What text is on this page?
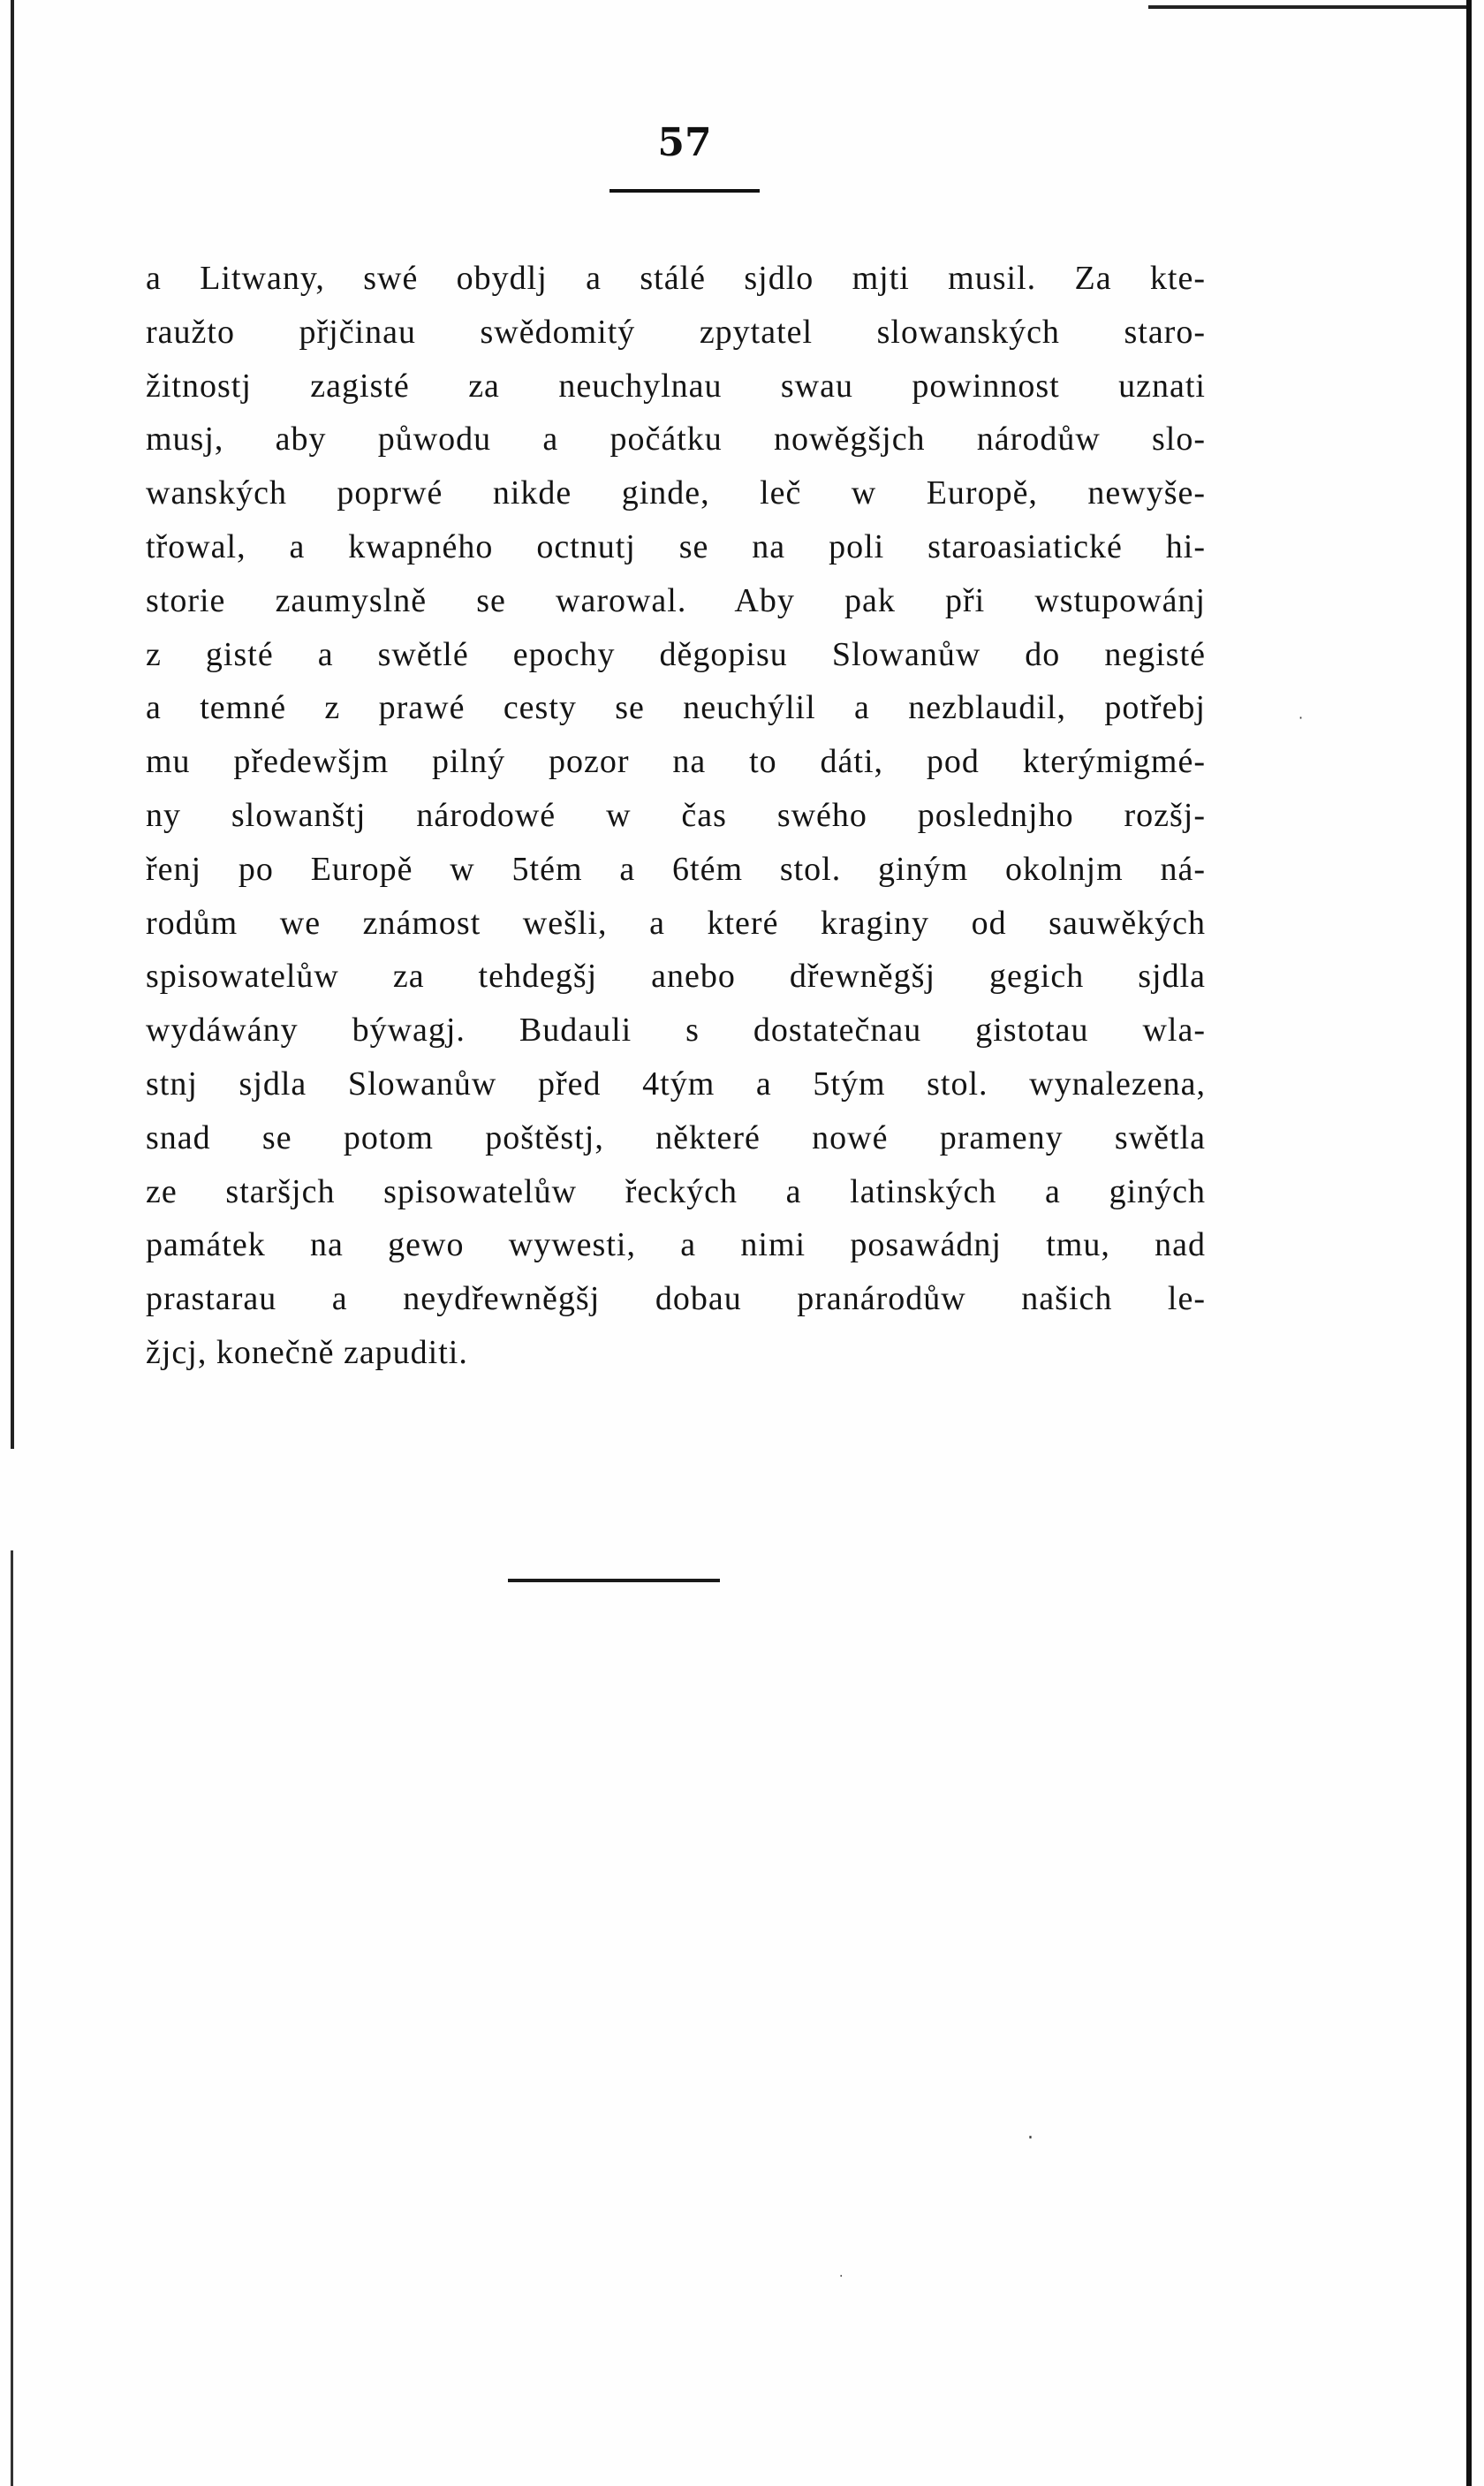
57
a Litwany, swé obydlj a stálé sjdlo mjti musil. Za kte-
raužto přjčinau swědomitý zpytatel slowanských staro-
žitnostj zagisté za neuchylnau swau powinnost uznati
musj, aby půwodu a počátku nowěgšjch národůw slo-
wanských poprwé nikde ginde, leč w Europě, newyše-
třowal, a kwapného octnutj se na poli staroasiatické hi-
storie zaumyslně se warowal. Aby pak při wstupowánj
z gisté a swětlé epochy děgopisu Slowanůw do negisté
a temné z prawé cesty se neuchýlil a nezblaudil, potřebj
mu předewšjm pilný pozor na to dáti, pod kterýmigmé-
ny slowanštj národowé w čas swého poslednjho rozšj-
řenj po Europě w 5tém a 6tém stol. giným okolnjm ná-
rodům we známost wešli, a které kraginy od sauwěkých
spisowatelůw za tehdegšj anebo dřewněgšj gegich sjdla
wydáwány býwagj. Budauli s dostatečnau gistotau wla-
stnj sjdla Slowanůw před 4tým a 5tým stol. wynalezena,
snad se potom poštěstj, některé nowé prameny swětla
ze staršjch spisowatelůw řeckých a latinských a giných
památek na gewo wywesti, a nimi posawádnj tmu, nad
prastarau a neydřewněgšj dobau pranárodůw našich le-
žjcj, konečně zapuditi.
·
·
·
